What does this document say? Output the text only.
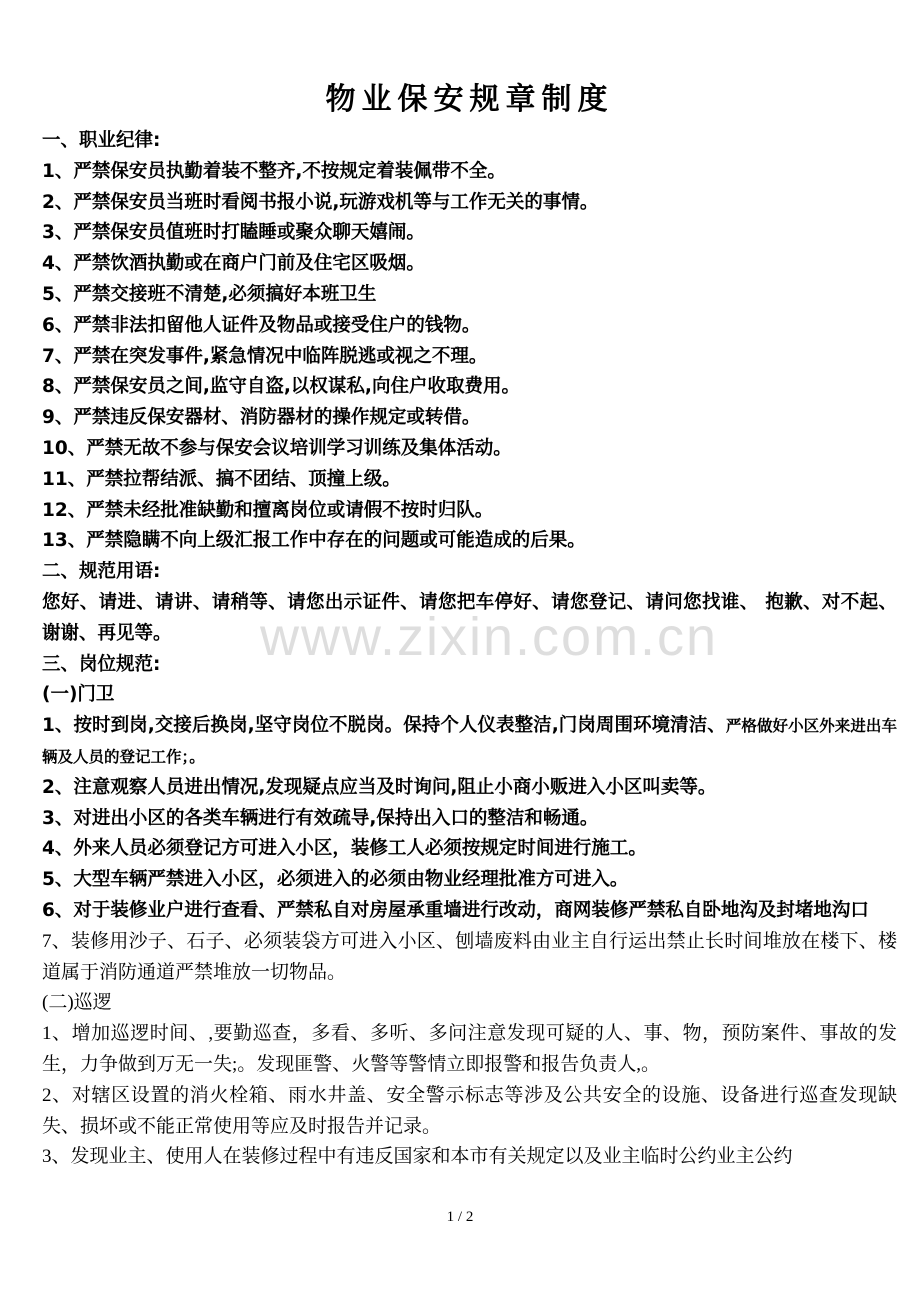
www.zixin.com.cn
物业保安规章制度
一、职业纪律:
1、严禁保安员执勤着装不整齐,不按规定着装佩带不全。
2、严禁保安员当班时看阅书报小说,玩游戏机等与工作无关的事情。
3、严禁保安员值班时打瞌睡或聚众聊天嬉闹。
4、严禁饮酒执勤或在商户门前及住宅区吸烟。
5、严禁交接班不清楚,必须搞好本班卫生
6、严禁非法扣留他人证件及物品或接受住户的钱物。
7、严禁在突发事件,紧急情况中临阵脱逃或视之不理。
8、严禁保安员之间,监守自盗,以权谋私,向住户收取费用。
9、严禁违反保安器材、消防器材的操作规定或转借。
10、严禁无故不参与保安会议培训学习训练及集体活动。
11、严禁拉帮结派、搞不团结、顶撞上级。
12、严禁未经批准缺勤和擅离岗位或请假不按时归队。
13、严禁隐瞒不向上级汇报工作中存在的问题或可能造成的后果。
二、规范用语:
您好、请进、请讲、请稍等、请您出示证件、请您把车停好、请您登记、请问您找谁、 抱歉、对不起、谢谢、再见等。
三、岗位规范:
(一)门卫
1、按时到岗,交接后换岗,坚守岗位不脱岗。保持个人仪表整洁,门岗周围环境清洁、严格做好小区外来进出车辆及人员的登记工作；。
2、注意观察人员进出情况,发现疑点应当及时询问,阻止小商小贩进入小区叫卖等。
3、对进出小区的各类车辆进行有效疏导,保持出入口的整洁和畅通。
4、外来人员必须登记方可进入小区，装修工人必须按规定时间进行施工。
5、大型车辆严禁进入小区，必须进入的必须由物业经理批准方可进入。
6、对于装修业户进行查看、严禁私自对房屋承重墙进行改动，商网装修严禁私自卧地沟及封堵地沟口
7、装修用沙子、石子、必须装袋方可进入小区、刨墙废料由业主自行运出禁止长时间堆放在楼下、楼道属于消防通道严禁堆放一切物品。
(二)巡逻
1、增加巡逻时间、,要勤巡查，多看、多听、多问注意发现可疑的人、事、物，预防案件、事故的发生，力争做到万无一失;。发现匪警、火警等警情立即报警和报告负责人,。
2、对辖区设置的消火栓箱、雨水井盖、安全警示标志等涉及公共安全的设施、设备进行巡查发现缺失、损坏或不能正常使用等应及时报告并记录。
3、发现业主、使用人在装修过程中有违反国家和本市有关规定以及业主临时公约业主公约
1 / 2
